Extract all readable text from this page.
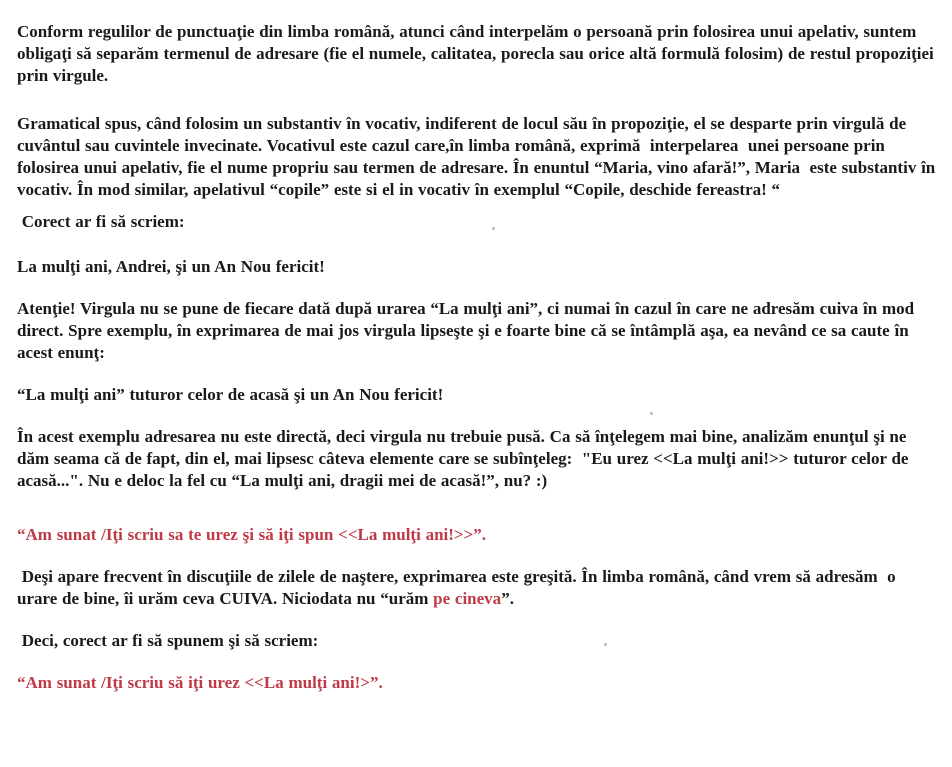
Conform regulilor de punctuaţie din limba română, atunci când interpelăm o persoană prin folosirea unui apelativ, suntem obligaţi să separăm termenul de adresare (fie el numele, calitatea, porecla sau orice altă formulă folosim) de restul propoziţiei prin virgule.

Gramatical spus, când folosim un substantiv în vocativ, indiferent de locul său în propoziţie, el se desparte prin virgulă de cuvântul sau cuvintele invecinate. Vocativul este cazul care,în limba română, exprimă  interpelarea  unei persoane prin folosirea unui apelativ, fie el nume propriu sau termen de adresare. În enuntul “Maria, vino afară!”, Maria  este substantiv în vocativ. În mod similar, apelativul “copile” este si el in vocativ în exemplul “Copile, deschide fereastra! “

Corect ar fi să scriem:

La mulţi ani, Andrei, şi un An Nou fericit!

Atenţie! Virgula nu se pune de fiecare dată după urarea “La mulţi ani”, ci numai în cazul în care ne adresăm cuiva în mod direct. Spre exemplu, în exprimarea de mai jos virgula lipseşte şi e foarte bine că se întâmplă aşa, ea nevând ce sa caute în acest enunţ:

“La mulţi ani” tuturor celor de acasă şi un An Nou fericit!

În acest exemplu adresarea nu este directă, deci virgula nu trebuie pusă. Ca să înţelegem mai bine, analizăm enunţul şi ne dăm seama că de fapt, din el, mai lipsesc câteva elemente care se subînţeleg:  "Eu urez <<La mulţi ani!>> tuturor celor de acasă...". Nu e deloc la fel cu “La mulţi ani, dragii mei de acasă!”, nu? :)

“Am sunat /Iţi scriu sa te urez şi să iţi spun <<La mulţi ani!>>”.

Deşi apare frecvent în discuţiile de zilele de naştere, exprimarea este greşită. În limba română, când vrem să adresăm  o urare de bine, îi urăm ceva CUIVA. Niciodata nu “urăm pe cineva”.

Deci, corect ar fi să spunem şi să scriem:

“Am sunat /Iţi scriu să iţi urez <<La mulţi ani!>”.
